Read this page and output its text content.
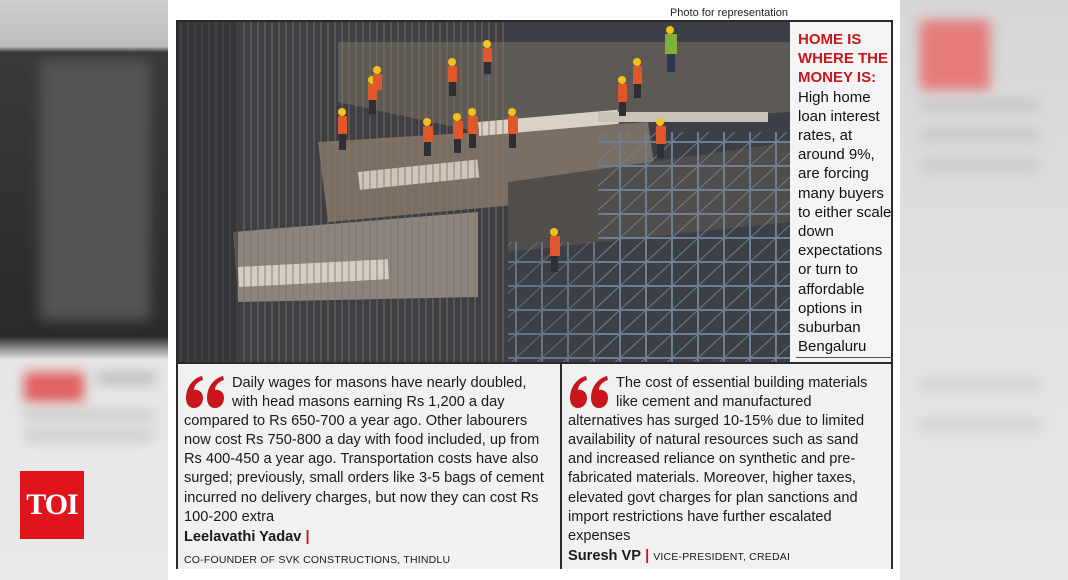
TOI
Photo for representation
HOME IS WHERE THE MONEY IS:
High home loan interest rates, at around 9%, are forcing many buyers to either scale down expectations or turn to affordable options in suburban Bengaluru
Daily wages for masons have nearly doubled, with head masons earning Rs 1,200 a day compared to Rs 650-700 a year ago. Other labourers now cost Rs 750-800 a day with food included, up from Rs 400-450 a year ago. Transportation costs have also surged; previously, small orders like 3-5 bags of cement incurred no delivery charges, but now they can cost Rs 100-200 extra
Leelavathi Yadav |
CO-FOUNDER OF SVK CONSTRUCTIONS, THINDLU
The cost of essential building materials like cement and manufactured alternatives has surged 10-15% due to limited availability of natural resources such as sand and increased reliance on synthetic and pre-fabricated materials. Moreover, higher taxes, elevated govt charges for plan sanctions and import restrictions have further escalated expenses
Suresh VP | VICE-PRESIDENT, CREDAI
